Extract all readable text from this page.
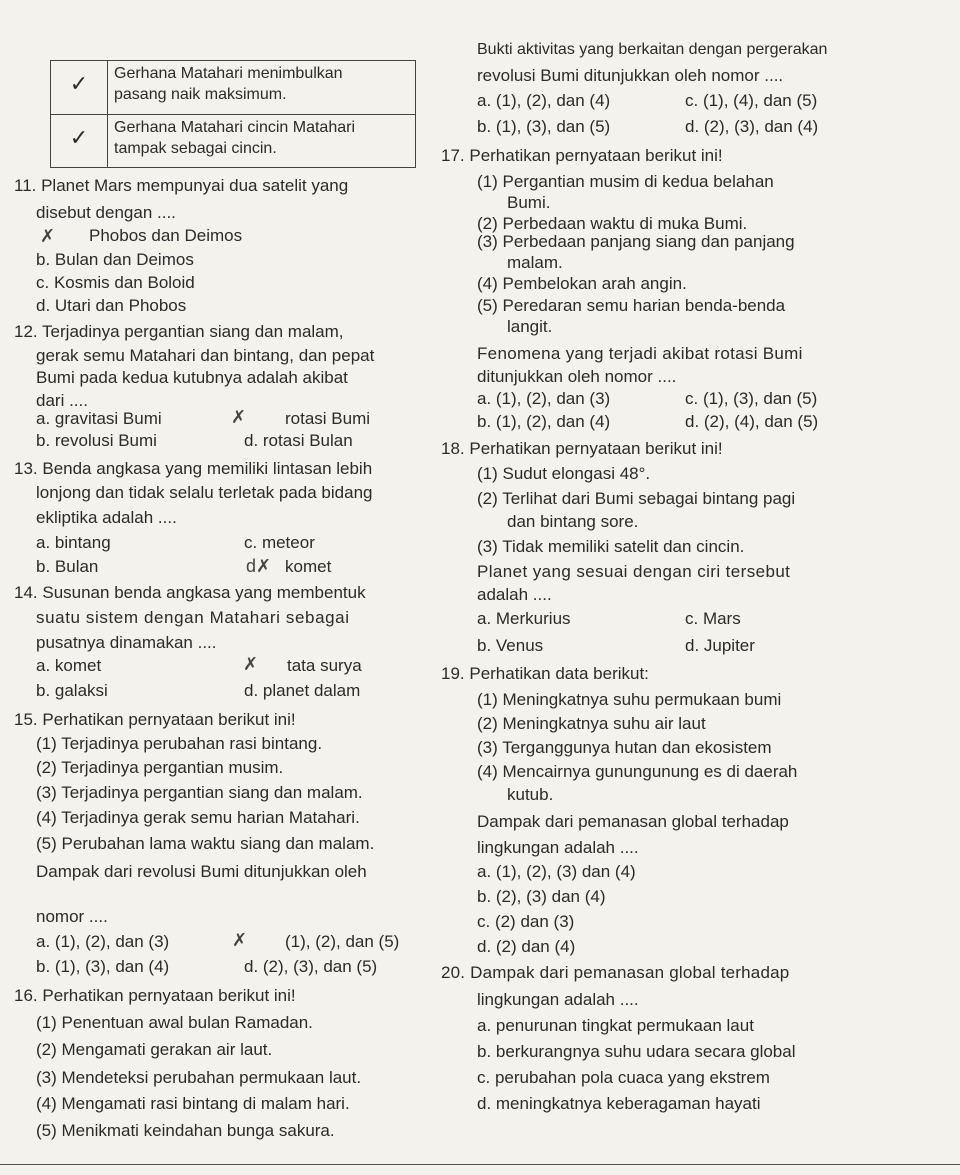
✓	Gerhana Matahari menimbulkan
pasang naik maksimum.
✓	Gerhana Matahari cincin Matahari
tampak sebagai cincin.
11. Planet Mars mempunyai dua satelit yang
disebut dengan ....
✗ Phobos dan Deimos
b. Bulan dan Deimos
c. Kosmis dan Boloid
d. Utari dan Phobos
12. Terjadinya pergantian siang dan malam,
gerak semu Matahari dan bintang, dan pepat
Bumi pada kedua kutubnya adalah akibat
dari ....
a. gravitasi Bumi	✗ rotasi Bumi
b. revolusi Bumi	d. rotasi Bulan
13. Benda angkasa yang memiliki lintasan lebih
lonjong dan tidak selalu terletak pada bidang
ekliptika adalah ....
a. bintang	c. meteor
b. Bulan	d✗ komet
14. Susunan benda angkasa yang membentuk
suatu sistem dengan Matahari sebagai
pusatnya dinamakan ....
a. komet	✗ tata surya
b. galaksi	d. planet dalam
15. Perhatikan pernyataan berikut ini!
(1) Terjadinya perubahan rasi bintang.
(2) Terjadinya pergantian musim.
(3) Terjadinya pergantian siang dan malam.
(4) Terjadinya gerak semu harian Matahari.
(5) Perubahan lama waktu siang dan malam.
Dampak dari revolusi Bumi ditunjukkan oleh
nomor ....
a. (1), (2), dan (3)	✗ (1), (2), dan (5)
b. (1), (3), dan (4)	d. (2), (3), dan (5)
16. Perhatikan pernyataan berikut ini!
(1) Penentuan awal bulan Ramadan.
(2) Mengamati gerakan air laut.
(3) Mendeteksi perubahan permukaan laut.
(4) Mengamati rasi bintang di malam hari.
(5) Menikmati keindahan bunga sakura.
Bukti aktivitas yang berkaitan dengan pergerakan
revolusi Bumi ditunjukkan oleh nomor ....
a. (1), (2), dan (4)	c. (1), (4), dan (5)
b. (1), (3), dan (5)	d. (2), (3), dan (4)
17. Perhatikan pernyataan berikut ini!
(1) Pergantian musim di kedua belahan
Bumi.
(2) Perbedaan waktu di muka Bumi.
(3) Perbedaan panjang siang dan panjang
malam.
(4) Pembelokan arah angin.
(5) Peredaran semu harian benda-benda
langit.
Fenomena yang terjadi akibat rotasi Bumi
ditunjukkan oleh nomor ....
a. (1), (2), dan (3)	c. (1), (3), dan (5)
b. (1), (2), dan (4)	d. (2), (4), dan (5)
18. Perhatikan pernyataan berikut ini!
(1) Sudut elongasi 48°.
(2) Terlihat dari Bumi sebagai bintang pagi
dan bintang sore.
(3) Tidak memiliki satelit dan cincin.
Planet yang sesuai dengan ciri tersebut
adalah ....
a. Merkurius	c. Mars
b. Venus	d. Jupiter
19. Perhatikan data berikut:
(1) Meningkatnya suhu permukaan bumi
(2) Meningkatnya suhu air laut
(3) Terganggunya hutan dan ekosistem
(4) Mencairnya gunungunung es di daerah
kutub.
Dampak dari pemanasan global terhadap
lingkungan adalah ....
a. (1), (2), (3) dan (4)
b. (2), (3) dan (4)
c. (2) dan (3)
d. (2) dan (4)
20. Dampak dari pemanasan global terhadap
lingkungan adalah ....
a. penurunan tingkat permukaan laut
b. berkurangnya suhu udara secara global
c. perubahan pola cuaca yang ekstrem
d. meningkatnya keberagaman hayati
